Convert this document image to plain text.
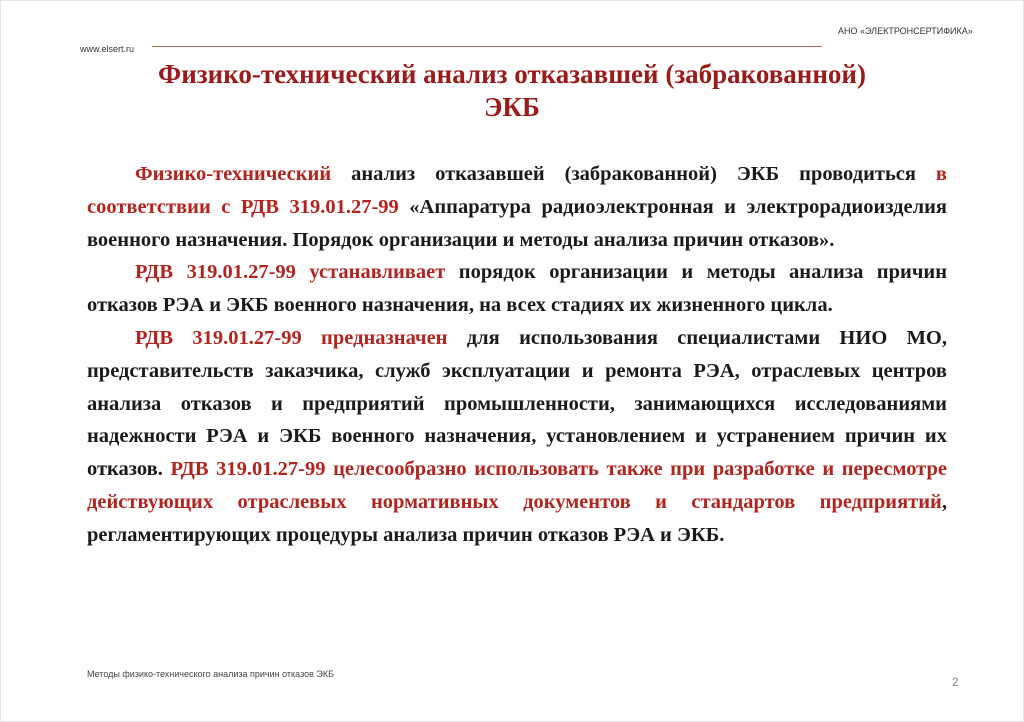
АНО «ЭЛЕКТРОНСЕРТИФИКА»
www.elsert.ru
Физико-технический анализ отказавшей (забракованной)
ЭКБ

Физико-технический анализ отказавшей (забракованной) ЭКБ проводиться в соответствии с РДВ 319.01.27-99 «Аппаратура радиоэлектронная и электрорадиоизделия военного назначения. Порядок организации и методы анализа причин отказов».

РДВ 319.01.27-99 устанавливает порядок организации и методы анализа причин отказов РЭА и ЭКБ военного назначения, на всех стадиях их жизненного цикла.

РДВ 319.01.27-99 предназначен для использования специалистами НИО МО, представительств заказчика, служб эксплуатации и ремонта РЭА, отраслевых центров анализа отказов и предприятий промышленности, занимающихся исследованиями надежности РЭА и ЭКБ военного назначения, установлением и устранением причин их отказов. РДВ 319.01.27-99 целесообразно использовать также при разработке и пересмотре действующих отраслевых нормативных документов и стандартов предприятий, регламентирующих процедуры анализа причин отказов РЭА и ЭКБ.

Методы физико-технического анализа причин отказов ЭКБ
2
